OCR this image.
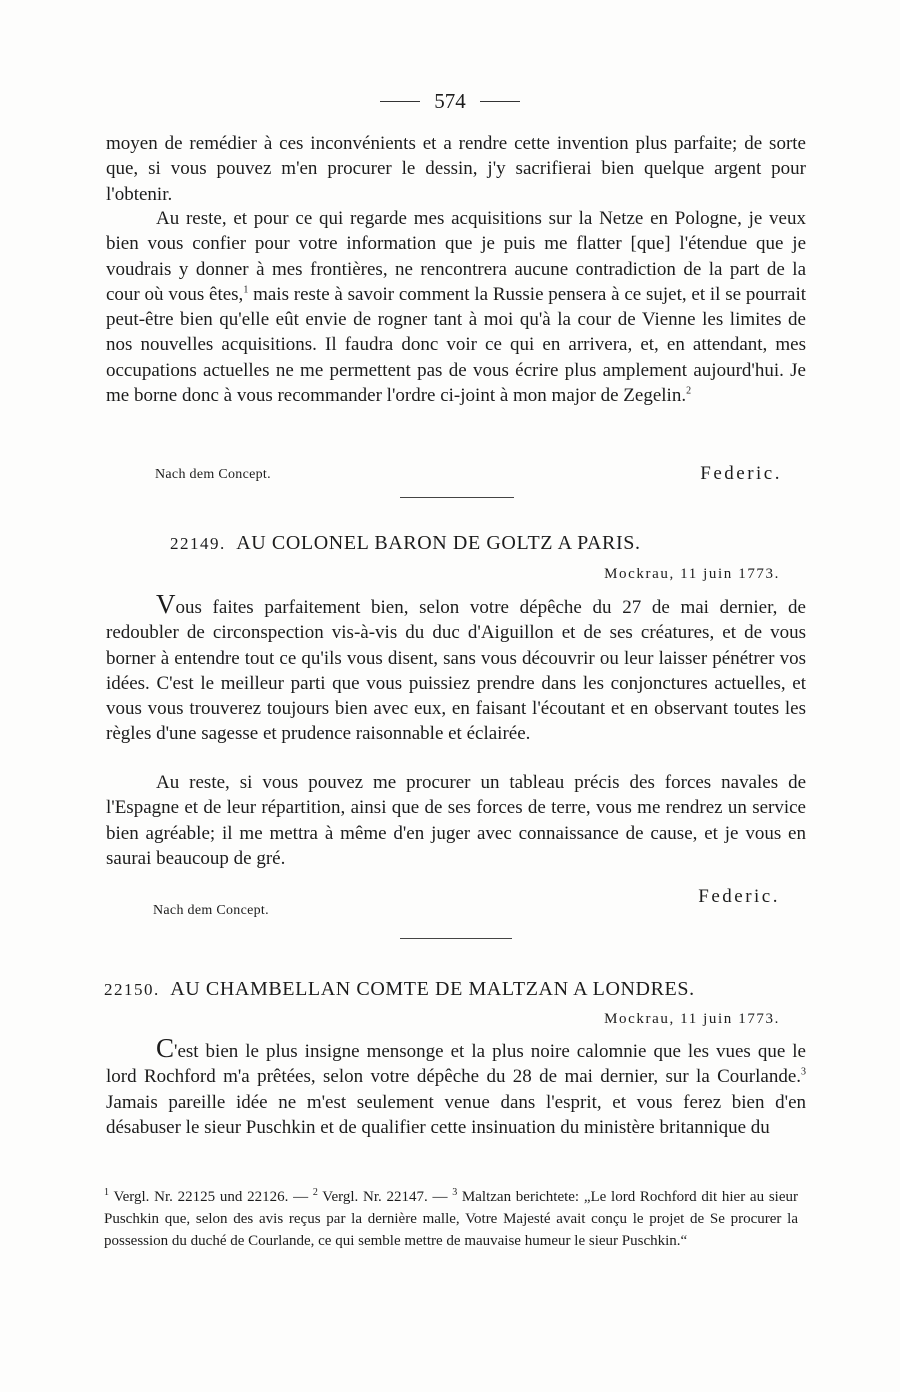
574

moyen de remédier à ces inconvénients et a rendre cette invention plus parfaite; de sorte que, si vous pouvez m'en procurer le dessin, j'y sacrifierai bien quelque argent pour l'obtenir.

Au reste, et pour ce qui regarde mes acquisitions sur la Netze en Pologne, je veux bien vous confier pour votre information que je puis me flatter [que] l'étendue que je voudrais y donner à mes frontières, ne rencontrera aucune contradiction de la part de la cour où vous êtes,$^1$ mais reste à savoir comment la Russie pensera à ce sujet, et il se pourrait peut-être bien qu'elle eût envie de rogner tant à moi qu'à la cour de Vienne les limites de nos nouvelles acquisitions. Il faudra donc voir ce qui en arrivera, et, en attendant, mes occupations actuelles ne me permettent pas de vous écrire plus amplement aujourd'hui. Je me borne donc à vous recommander l'ordre ci-joint à mon major de Zegelin.$^2$

Nach dem Concept.	Federic.
22149. AU COLONEL BARON DE GOLTZ A PARIS.
Mockrau, 11 juin 1773.

Vous faites parfaitement bien, selon votre dépêche du 27 de mai dernier, de redoubler de circonspection vis-à-vis du duc d'Aiguillon et de ses créatures, et de vous borner à entendre tout ce qu'ils vous disent, sans vous découvrir ou leur laisser pénétrer vos idées. C'est le meilleur parti que vous puissiez prendre dans les conjonctures actuelles, et vous vous trouverez toujours bien avec eux, en faisant l'écoutant et en observant toutes les règles d'une sagesse et prudence raisonnable et éclairée.

Au reste, si vous pouvez me procurer un tableau précis des forces navales de l'Espagne et de leur répartition, ainsi que de ses forces de terre, vous me rendrez un service bien agréable; il me mettra à même d'en juger avec connaissance de cause, et je vous en saurai beaucoup de gré.

Federic.
Nach dem Concept.
22150. AU CHAMBELLAN COMTE DE MALTZAN A LONDRES.
Mockrau, 11 juin 1773.

C'est bien le plus insigne mensonge et la plus noire calomnie que les vues que le lord Rochford m'a prêtées, selon votre dépêche du 28 de mai dernier, sur la Courlande.$^3$ Jamais pareille idée ne m'est seulement venue dans l'esprit, et vous ferez bien d'en désabuser le sieur Puschkin et de qualifier cette insinuation du ministère britannique du

$^1$ Vergl. Nr. 22125 und 22126. — $^2$ Vergl. Nr. 22147. — $^3$ Maltzan berichtete: „Le lord Rochford dit hier au sieur Puschkin que, selon des avis reçus par la dernière malle, Votre Majesté avait conçu le projet de Se procurer la possession du duché de Courlande, ce qui semble mettre de mauvaise humeur le sieur Puschkin.“
